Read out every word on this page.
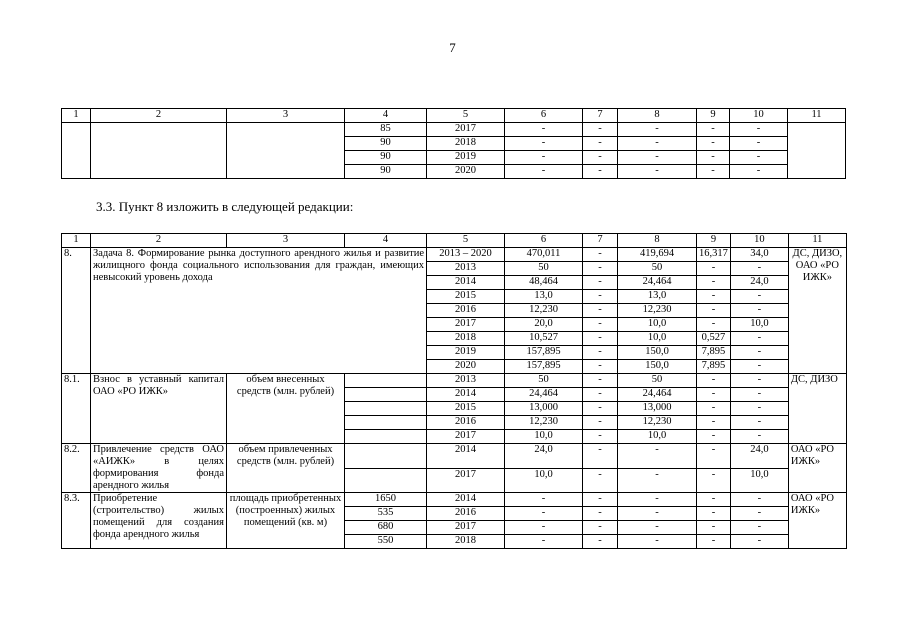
7
1	2	3	4	5	6	7	8	9	10	11
			85	2017	-	-	-	-	-	
			90	2018	-	-	-	-	-	
			90	2019	-	-	-	-	-	
			90	2020	-	-	-	-	-	
3.3. Пункт 8 изложить в следующей редакции:
1	2	3	4	5	6	7	8	9	10	11
8.	Задача 8. Формирование рынка доступного арендного жилья и развитие жилищного фонда социального использования для граждан, имеющих невысокий уровень дохода			2013 – 2020	470,011	-	419,694	16,317	34,0	ДС, ДИЗО, ОАО «РО ИЖК»
				2013	50	-	50	-	-	
				2014	48,464	-	24,464	-	24,0	
				2015	13,0	-	13,0	-	-	
				2016	12,230	-	12,230	-	-	
				2017	20,0	-	10,0	-	10,0	
				2018	10,527	-	10,0	0,527	-	
				2019	157,895	-	150,0	7,895	-	
				2020	157,895	-	150,0	7,895	-	
8.1.	Взнос в уставный капитал ОАО «РО ИЖК»	объем внесенных средств (млн. рублей)		2013	50	-	50	-	-	ДС, ДИЗО
				2014	24,464	-	24,464	-	-	
				2015	13,000	-	13,000	-	-	
				2016	12,230	-	12,230	-	-	
				2017	10,0	-	10,0	-	-	
8.2.	Привлечение средств ОАО «АИЖК» в целях формирования фонда арендного жилья	объем привлеченных средств (млн. рублей)		2014	24,0	-	-	-	24,0	ОАО «РО ИЖК»
				2017	10,0	-	-	-	10,0	
8.3.	Приобретение (строительство) жилых помещений для создания фонда арендного жилья	площадь приобретенных (построенных) жилых помещений (кв. м)	1650	2014	-	-	-	-	-	ОАО «РО ИЖК»
			535	2016	-	-	-	-	-	
			680	2017	-	-	-	-	-	
			550	2018	-	-	-	-	-	
